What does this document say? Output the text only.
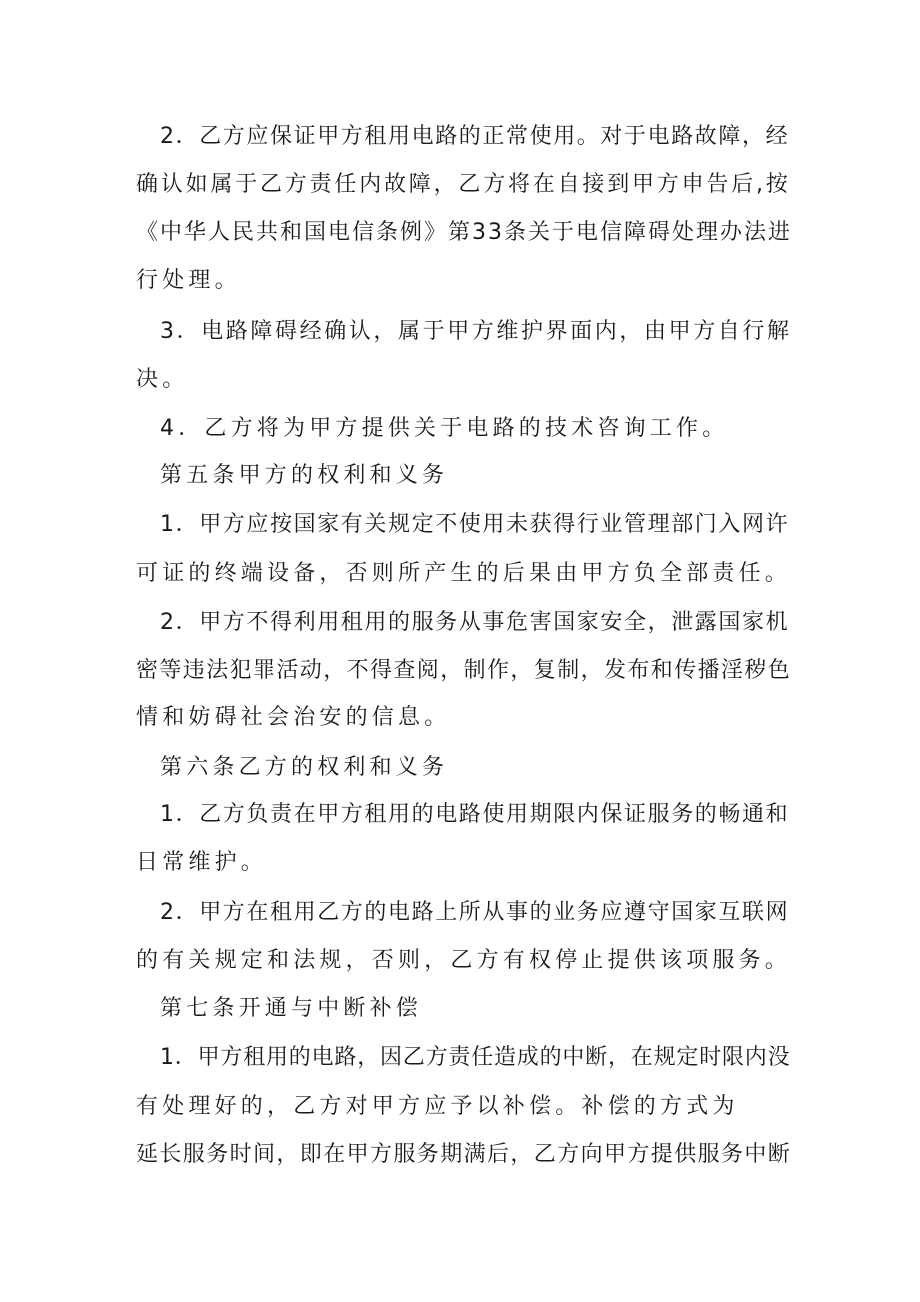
2．乙方应保证甲方租用电路的正常使用。对于电路故障，经
确认如属于乙方责任内故障，乙方将在自接到甲方申告后,按
《中华人民共和国电信条例》第33条关于电信障碍处理办法进
行处理。
3．电路障碍经确认，属于甲方维护界面内，由甲方自行解
决。
4．乙方将为甲方提供关于电路的技术咨询工作。
第五条甲方的权利和义务
1．甲方应按国家有关规定不使用未获得行业管理部门入网许
可证的终端设备，否则所产生的后果由甲方负全部责任。
2．甲方不得利用租用的服务从事危害国家安全，泄露国家机
密等违法犯罪活动，不得查阅，制作，复制，发布和传播淫秽色
情和妨碍社会治安的信息。
第六条乙方的权利和义务
1．乙方负责在甲方租用的电路使用期限内保证服务的畅通和
日常维护。
2．甲方在租用乙方的电路上所从事的业务应遵守国家互联网
的有关规定和法规，否则，乙方有权停止提供该项服务。
第七条开通与中断补偿
1．甲方租用的电路，因乙方责任造成的中断，在规定时限内没
有处理好的，乙方对甲方应予以补偿。补偿的方式为
延长服务时间，即在甲方服务期满后，乙方向甲方提供服务中断
